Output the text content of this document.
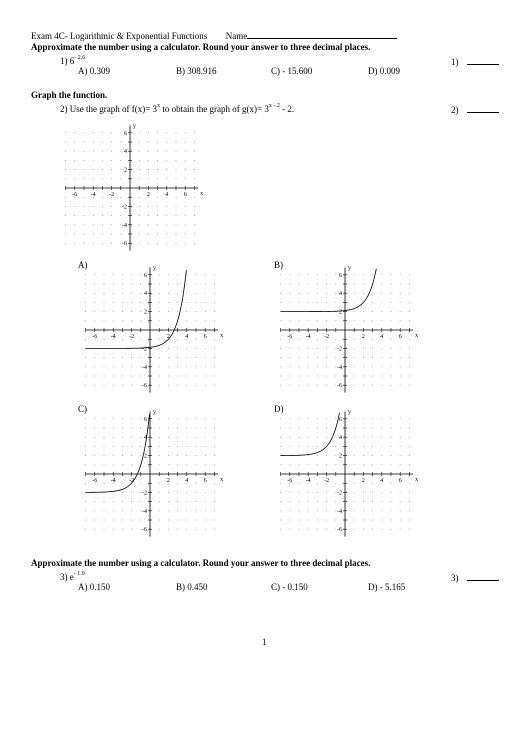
Exam 4C- Logarithmic & Exponential Functions Name
Approximate the number using a calculator. Round your answer to three decimal places.
1) $6^{- 2.6}$	1)
A) 0.309	B) 308.916	C) - 15.600	D) 0.009
Graph the function.
2) Use the graph of $f(x)= 3^x$ to obtain the graph of $g(x)= 3^{x - 2} - 2$.	2)
-6 -4 -2	2	4	6
6
4
2
-2
-4
-6
x
y
A)	B)
C)	D)
-6 -4 -2	2	4	6
6
4
2
-2
-4
-6
x
y
-6 -4 -2	2	4	6
6
4
2
-2
-4
-6
x
y
-6 -4 -2	2	4	6
6
4
2
-2
-4
-6
x
y
-6 -4 -2	2	4	6
6
4
2
-2
-4
-6
x
y
Approximate the number using a calculator. Round your answer to three decimal places.
3) $e^{- 1.9}$	3)
A) 0.150	B) 0.450	C) - 0.150	D) - 5.165
1
